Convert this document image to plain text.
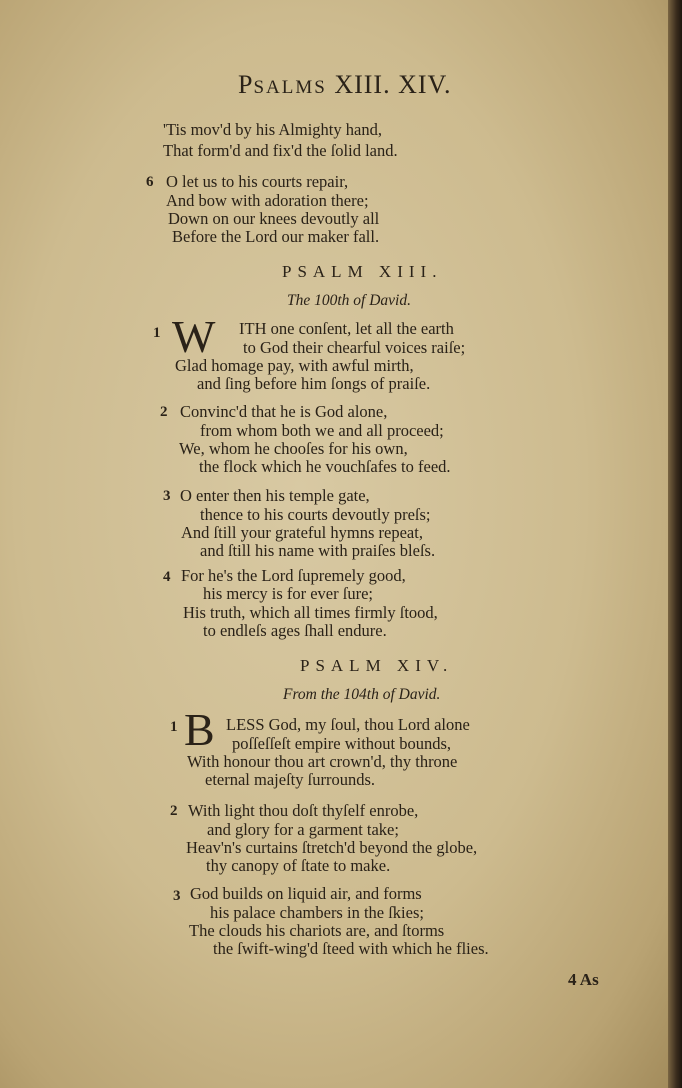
PSALMS XIII. XIV.
'Tis mov'd by his Almighty hand,
That form'd and fix'd the ſolid land.
6 O let us to his courts repair,
And bow with adoration there;
Down on our knees devoutly all
Before the Lord our maker fall.
PSALM XIII.
The 100th of David.
1 W ITH one conſent, let all the earth
to God their chearful voices raiſe;
Glad homage pay, with awful mirth,
and ſing before him ſongs of praiſe.
2 Convinc'd that he is God alone,
from whom both we and all proceed;
We, whom he chooſes for his own,
the flock which he vouchſafes to feed.
3 O enter then his temple gate,
thence to his courts devoutly preſs;
And ſtill your grateful hymns repeat,
and ſtill his name with praiſes bleſs.
4 For he's the Lord ſupremely good,
his mercy is for ever ſure;
His truth, which all times firmly ſtood,
to endleſs ages ſhall endure.
PSALM XIV.
From the 104th of David.
1 B LESS God, my ſoul, thou Lord alone
poſſeſſeſt empire without bounds,
With honour thou art crown'd, thy throne
eternal majeſty ſurrounds.
2 With light thou doſt thyſelf enrobe,
and glory for a garment take;
Heav'n's curtains ſtretch'd beyond the globe,
thy canopy of ſtate to make.
3 God builds on liquid air, and forms
his palace chambers in the ſkies;
The clouds his chariots are, and ſtorms
the ſwift-wing'd ſteed with which he flies.
4 As
